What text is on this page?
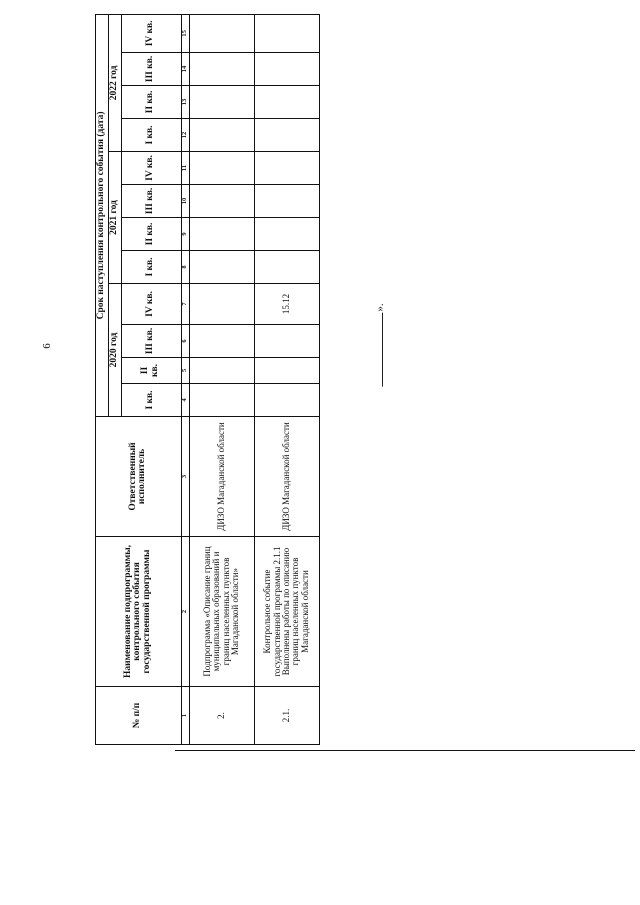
6
».
№ п/п	Наименование подпрограммы, контрольного события государственной программы	Ответственный исполнитель	Срок наступления контрольного события (дата)											
			2020 год				2021 год				2022 год			
			I кв.	II кв.	III кв.	IV кв.	I кв.	II кв.	III кв.	IV кв.	I кв.	II кв.	III кв.	IV кв.
1	2	3	4	5	6	7	8	9	10	11	12	13	14	15
2.	Подпрограмма «Описание границ муниципальных образований и границ населенных пунктов Магаданской области»	ДИЗО Магаданской области												
2.1.	Контрольное событие государственной программы 2.1.1 Выполнены работы по описанию границ населенных пунктов Магаданской области	ДИЗО Магаданской области				15.12								
